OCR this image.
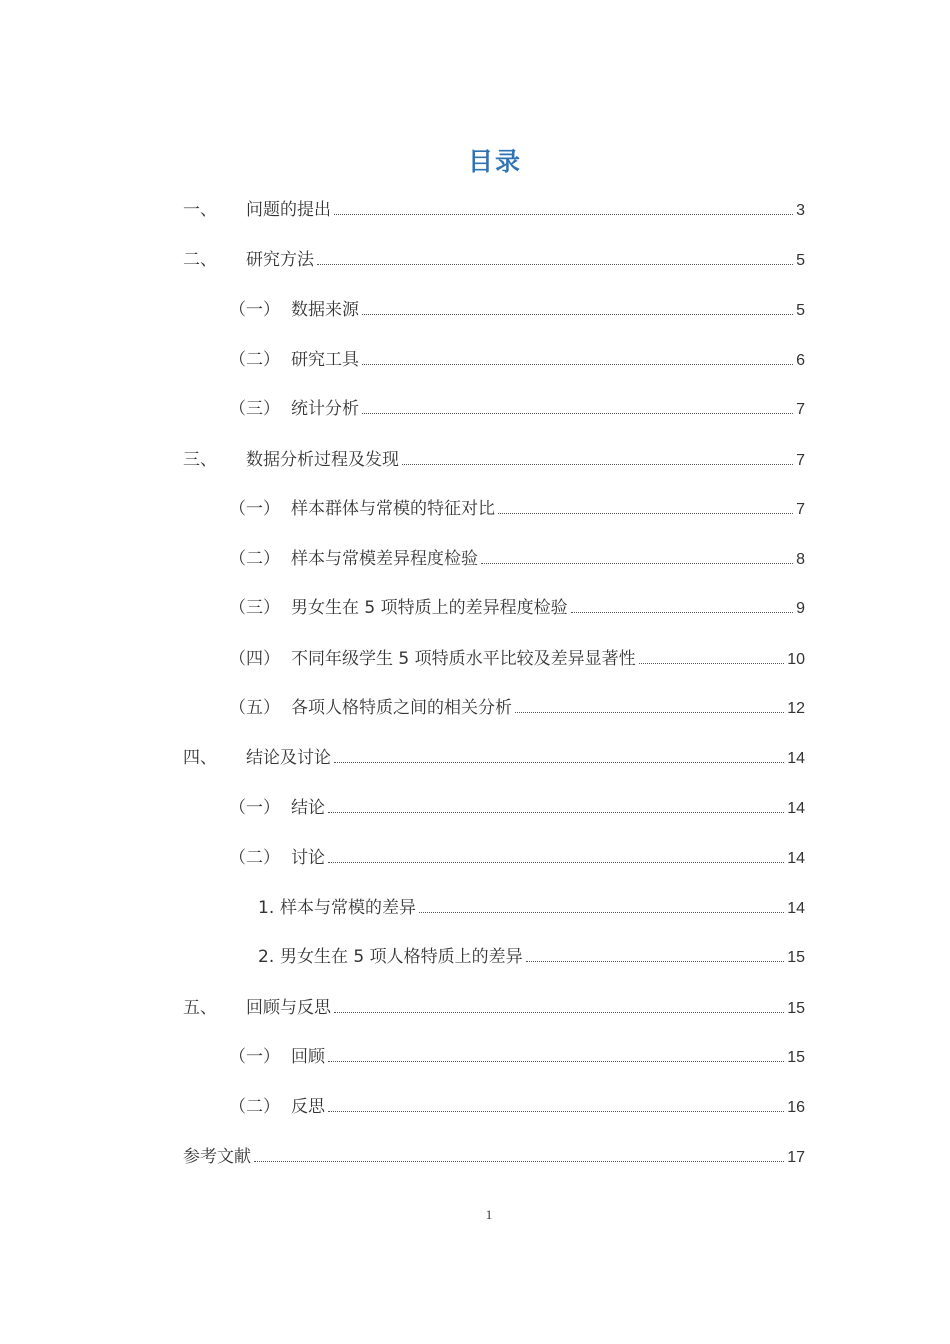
目录
一、	问题的提出	3
二、	研究方法	5
（一） 数据来源	5
（二） 研究工具	6
（三） 统计分析	7
三、	数据分析过程及发现	7
（一） 样本群体与常模的特征对比	7
（二） 样本与常模差异程度检验	8
（三） 男女生在 5 项特质上的差异程度检验	9
（四） 不同年级学生 5 项特质水平比较及差异显著性	10
（五） 各项人格特质之间的相关分析	12
四、	结论及讨论	14
（一） 结论	14
（二） 讨论	14
1. 样本与常模的差异	14
2. 男女生在 5 项人格特质上的差异	15
五、	回顾与反思	15
（一） 回顾	15
（二） 反思	16
参考文献	17
1
